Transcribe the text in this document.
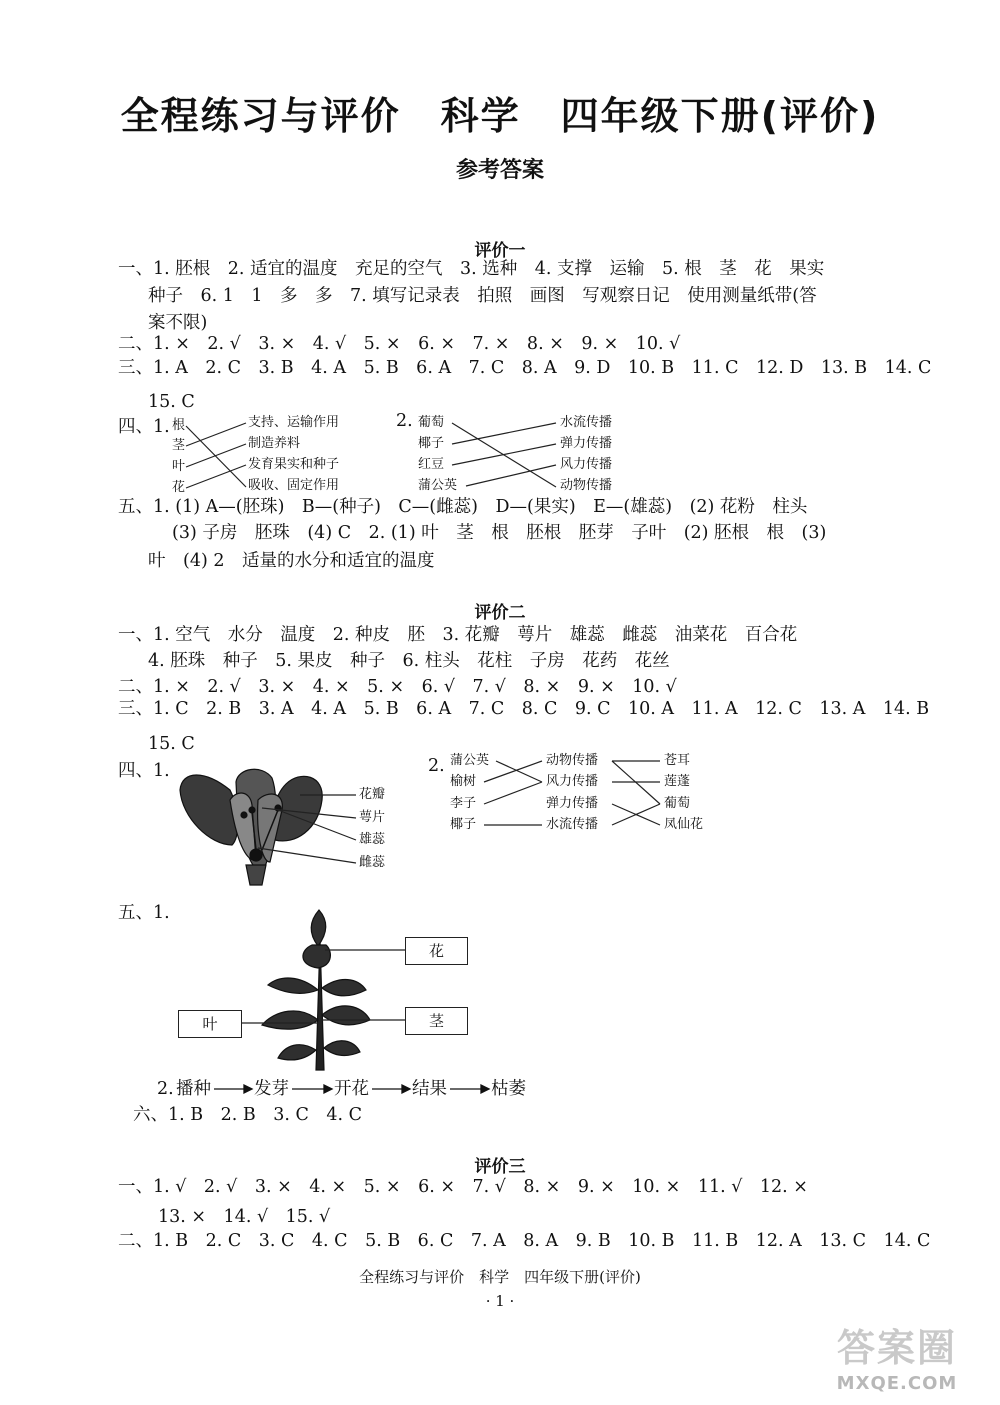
全程练习与评价　科学　四年级下册(评价)
参考答案
评价一
一、1. 胚根　2. 适宜的温度　充足的空气　3. 选种　4. 支撑　运输　5. 根　茎　花　果实
种子　6. 1　1　多　多　7. 填写记录表　拍照　画图　写观察日记　使用测量纸带(答
案不限)
二、1. ×　2. √　3. ×　4. √　5. ×　6. ×　7. ×　8. ×　9. ×　10. √
三、1. A　2. C　3. B　4. A　5. B　6. A　7. C　8. A　9. D　10. B　11. C　12. D　13. B　14. C
15. C
四、1. 根
茎
叶
花
支持、运输作用
制造养料
发育果实和种子
吸收、固定作用
2. 葡萄
椰子
红豆
蒲公英
水流传播
弹力传播
风力传播
动物传播
五、1. (1) A—(胚珠)　B—(种子)　C—(雌蕊)　D—(果实)　E—(雄蕊)　(2) 花粉　柱头
(3) 子房　胚珠　(4) C　2. (1) 叶　茎　根　胚根　胚芽　子叶　(2) 胚根　根　(3)
叶　(4) 2　适量的水分和适宜的温度
评价二
一、1. 空气　水分　温度　2. 种皮　胚　3. 花瓣　萼片　雄蕊　雌蕊　油菜花　百合花
4. 胚珠　种子　5. 果皮　种子　6. 柱头　花柱　子房　花药　花丝
二、1. ×　2. √　3. ×　4. ×　5. ×　6. √　7. √　8. ×　9. ×　10. √
三、1. C　2. B　3. A　4. A　5. B　6. A　7. C　8. C　9. C　10. A　11. A　12. C　13. A　14. B
15. C
四、1.
花瓣
萼片
雄蕊
雌蕊
2. 蒲公英
榆树
李子
椰子
动物传播
风力传播
弹力传播
水流传播
苍耳
莲蓬
葡萄
凤仙花
五、1.
花
叶	茎
2. 播种 发芽	开花 结果	枯萎
六、1. B　2. B　3. C　4. C
评价三
一、1. √　2. √　3. ×　4. ×　5. ×　6. ×　7. √　8. ×　9. ×　10. ×　11. √　12. ×
13. ×　14. √　15. √
二、1. B　2. C　3. C　4. C　5. B　6. C　7. A　8. A　9. B　10. B　11. B　12. A　13. C　14. C
全程练习与评价　科学　四年级下册(评价)
· 1 ·
答案圈
MXQE.COM
